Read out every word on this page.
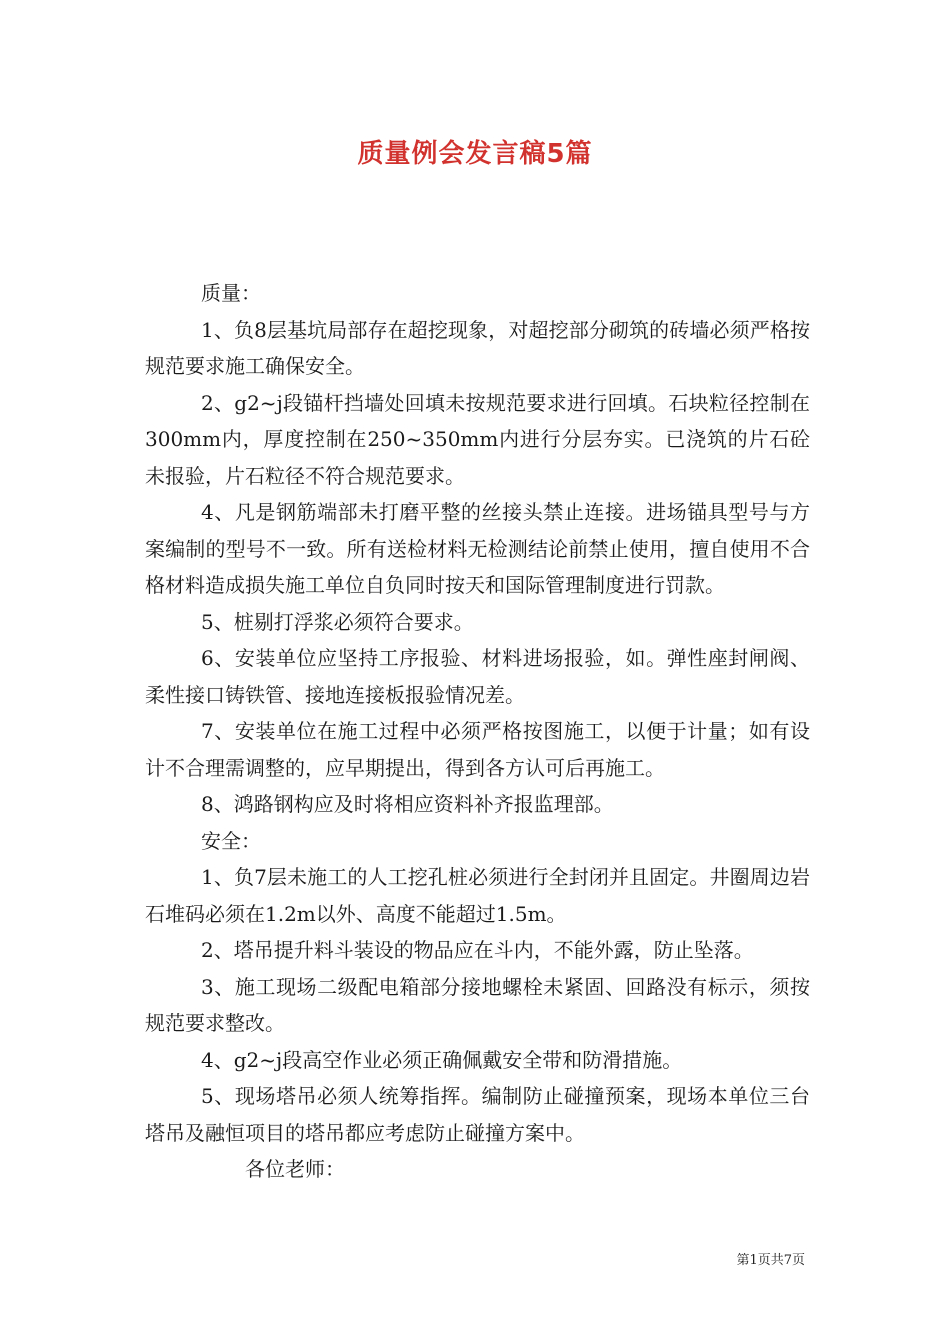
质量例会发言稿5篇

质量：

1、负8层基坑局部存在超挖现象，对超挖部分砌筑的砖墙必须严格按规范要求施工确保安全。

2、g2~j段锚杆挡墙处回填未按规范要求进行回填。石块粒径控制在300mm内，厚度控制在250~350mm内进行分层夯实。已浇筑的片石砼未报验，片石粒径不符合规范要求。

4、凡是钢筋端部未打磨平整的丝接头禁止连接。进场锚具型号与方案编制的型号不一致。所有送检材料无检测结论前禁止使用，擅自使用不合格材料造成损失施工单位自负同时按天和国际管理制度进行罚款。

5、桩剔打浮浆必须符合要求。

6、安装单位应坚持工序报验、材料进场报验，如。弹性座封闸阀、柔性接口铸铁管、接地连接板报验情况差。

7、安装单位在施工过程中必须严格按图施工，以便于计量；如有设计不合理需调整的，应早期提出，得到各方认可后再施工。

8、鸿路钢构应及时将相应资料补齐报监理部。

安全：

1、负7层未施工的人工挖孔桩必须进行全封闭并且固定。井圈周边岩石堆码必须在1.2m以外、高度不能超过1.5m。

2、塔吊提升料斗装设的物品应在斗内，不能外露，防止坠落。

3、施工现场二级配电箱部分接地螺栓未紧固、回路没有标示，须按规范要求整改。

4、g2~j段高空作业必须正确佩戴安全带和防滑措施。

5、现场塔吊必须人统筹指挥。编制防止碰撞预案，现场本单位三台塔吊及融恒项目的塔吊都应考虑防止碰撞方案中。

各位老师：

第1页共7页
